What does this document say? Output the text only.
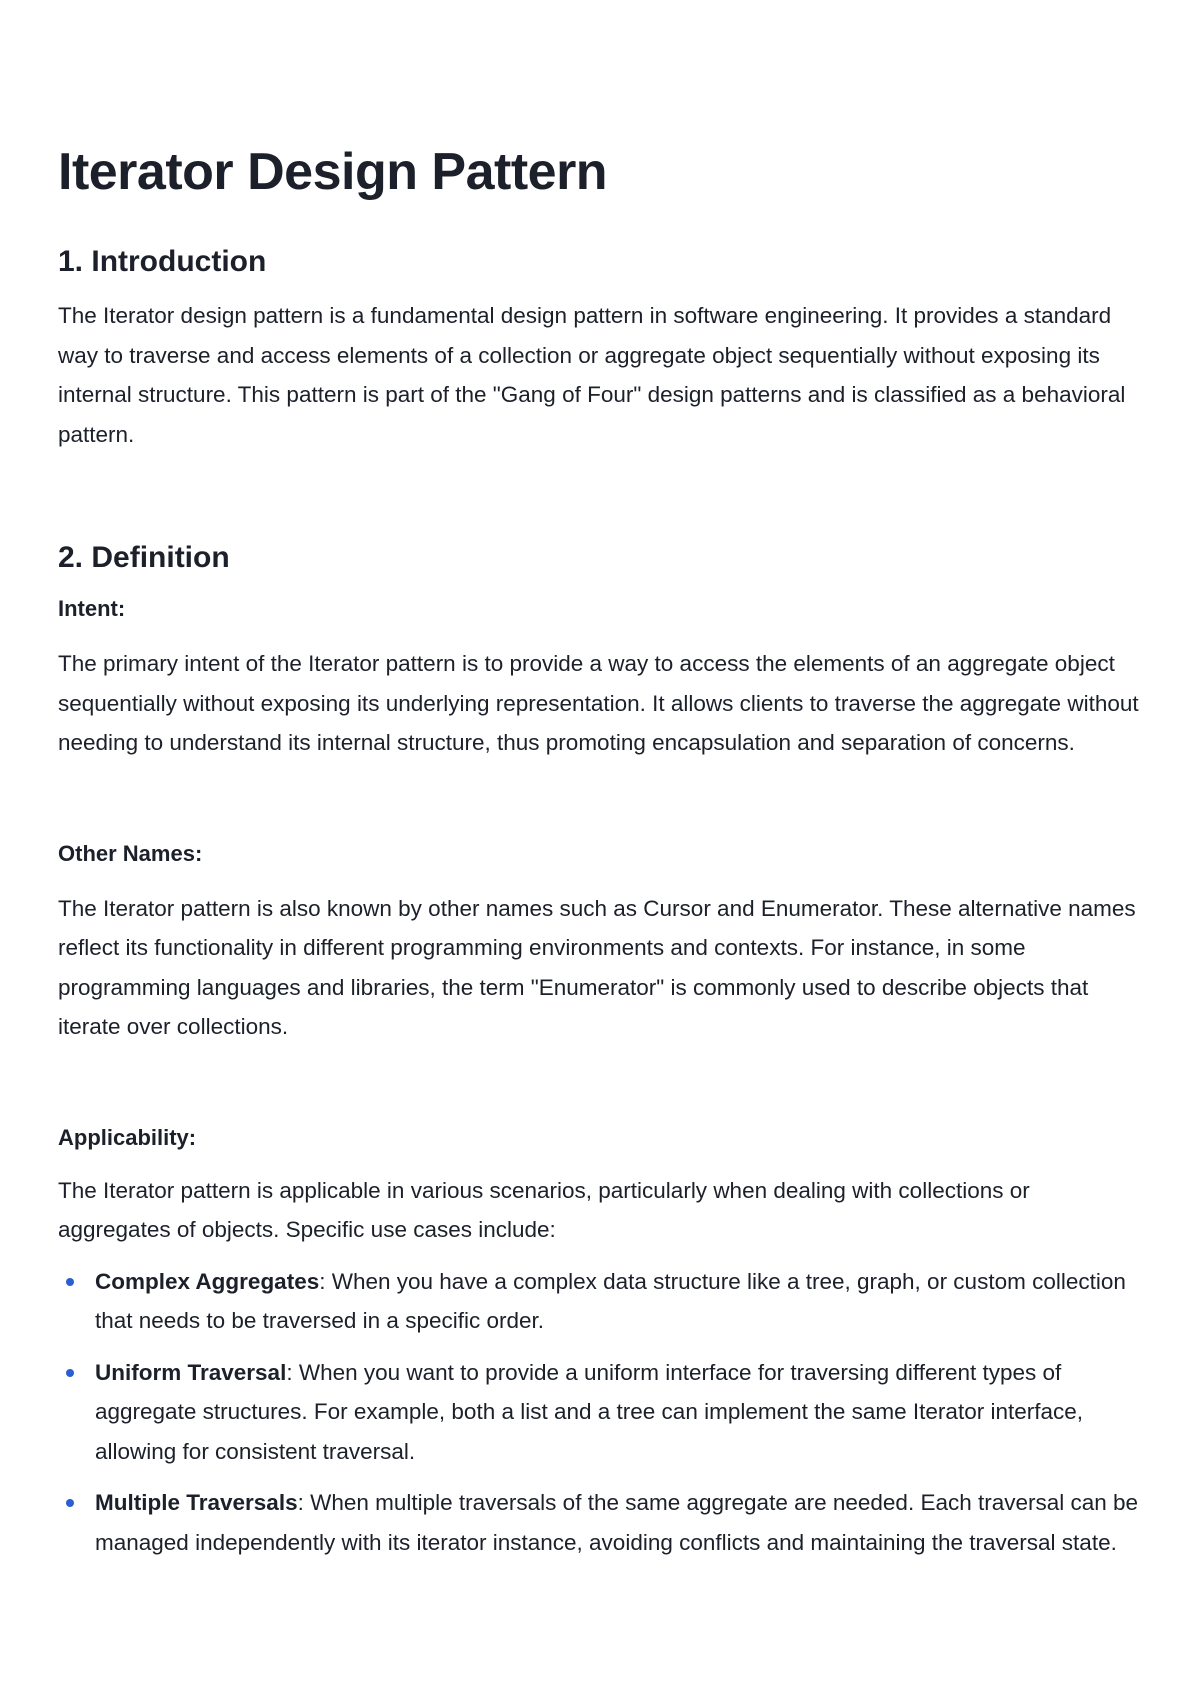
Iterator Design Pattern
1. Introduction

The Iterator design pattern is a fundamental design pattern in software engineering. It provides a standard way to traverse and access elements of a collection or aggregate object sequentially without exposing its internal structure. This pattern is part of the "Gang of Four" design patterns and is classified as a behavioral pattern.

2. Definition
Intent:

The primary intent of the Iterator pattern is to provide a way to access the elements of an aggregate object sequentially without exposing its underlying representation. It allows clients to traverse the aggregate without needing to understand its internal structure, thus promoting encapsulation and separation of concerns.

Other Names:

The Iterator pattern is also known by other names such as Cursor and Enumerator. These alternative names reflect its functionality in different programming environments and contexts. For instance, in some programming languages and libraries, the term "Enumerator" is commonly used to describe objects that iterate over collections.

Applicability:

The Iterator pattern is applicable in various scenarios, particularly when dealing with collections or aggregates of objects. Specific use cases include:

Complex Aggregates: When you have a complex data structure like a tree, graph, or custom collection that needs to be traversed in a specific order.
Uniform Traversal: When you want to provide a uniform interface for traversing different types of aggregate structures. For example, both a list and a tree can implement the same Iterator interface, allowing for consistent traversal.
Multiple Traversals: When multiple traversals of the same aggregate are needed. Each traversal can be managed independently with its iterator instance, avoiding conflicts and maintaining the traversal state.
